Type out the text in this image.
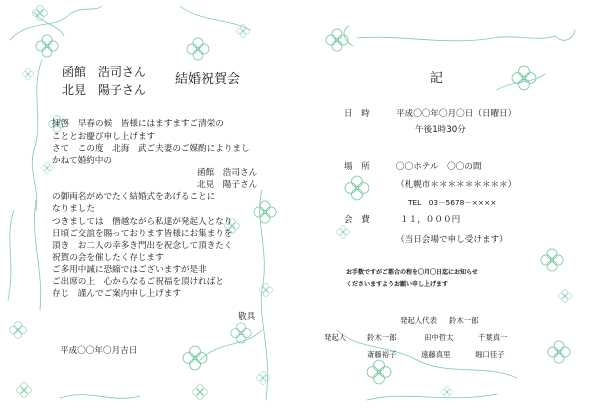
函館　浩司さん
北見　陽子さん
結婚祝賀会
拝啓　早春の候　皆様にはますますご清栄の
こととお慶び申し上げます
さて　この度　北海　武ご夫妻のご媒酌によりまし
かねて婚約中の
函館　浩司さん
北見　陽子さん
の御両名がめでたく結婚式をあげることに
なりました
つきましては　僭越ながら私達が発起人となり
日頃ご交誼を賜っております皆様にお集まりを
頂き　お二人の幸多き門出を祝念して頂きたく
祝賀の会を催したく存じます
ご多用中誠に恐縮ではございますが是非
ご出席の上　心からなるご祝福を頂ければと
存じ　謹んでご案内申し上げます
敬具
平成〇〇年〇月吉日
記
日　時	平成〇〇年〇月〇日（日曜日）
午後1時30分
場　所	〇〇ホテル　〇〇の間
（札幌市＊＊＊＊＊＊＊＊＊）
TEL　03－5678－××××
会　費	１１，０００円
（当日会場で申し受けます）
お手数ですがご都合の程を〇月〇日迄にお知らせ
くださいますようお願い申し上げます
発起人代表 鈴木一郎
発起人	鈴木一郎	田中哲太	千葉真一
斎藤裕子	遠藤真里	堀口佳子
